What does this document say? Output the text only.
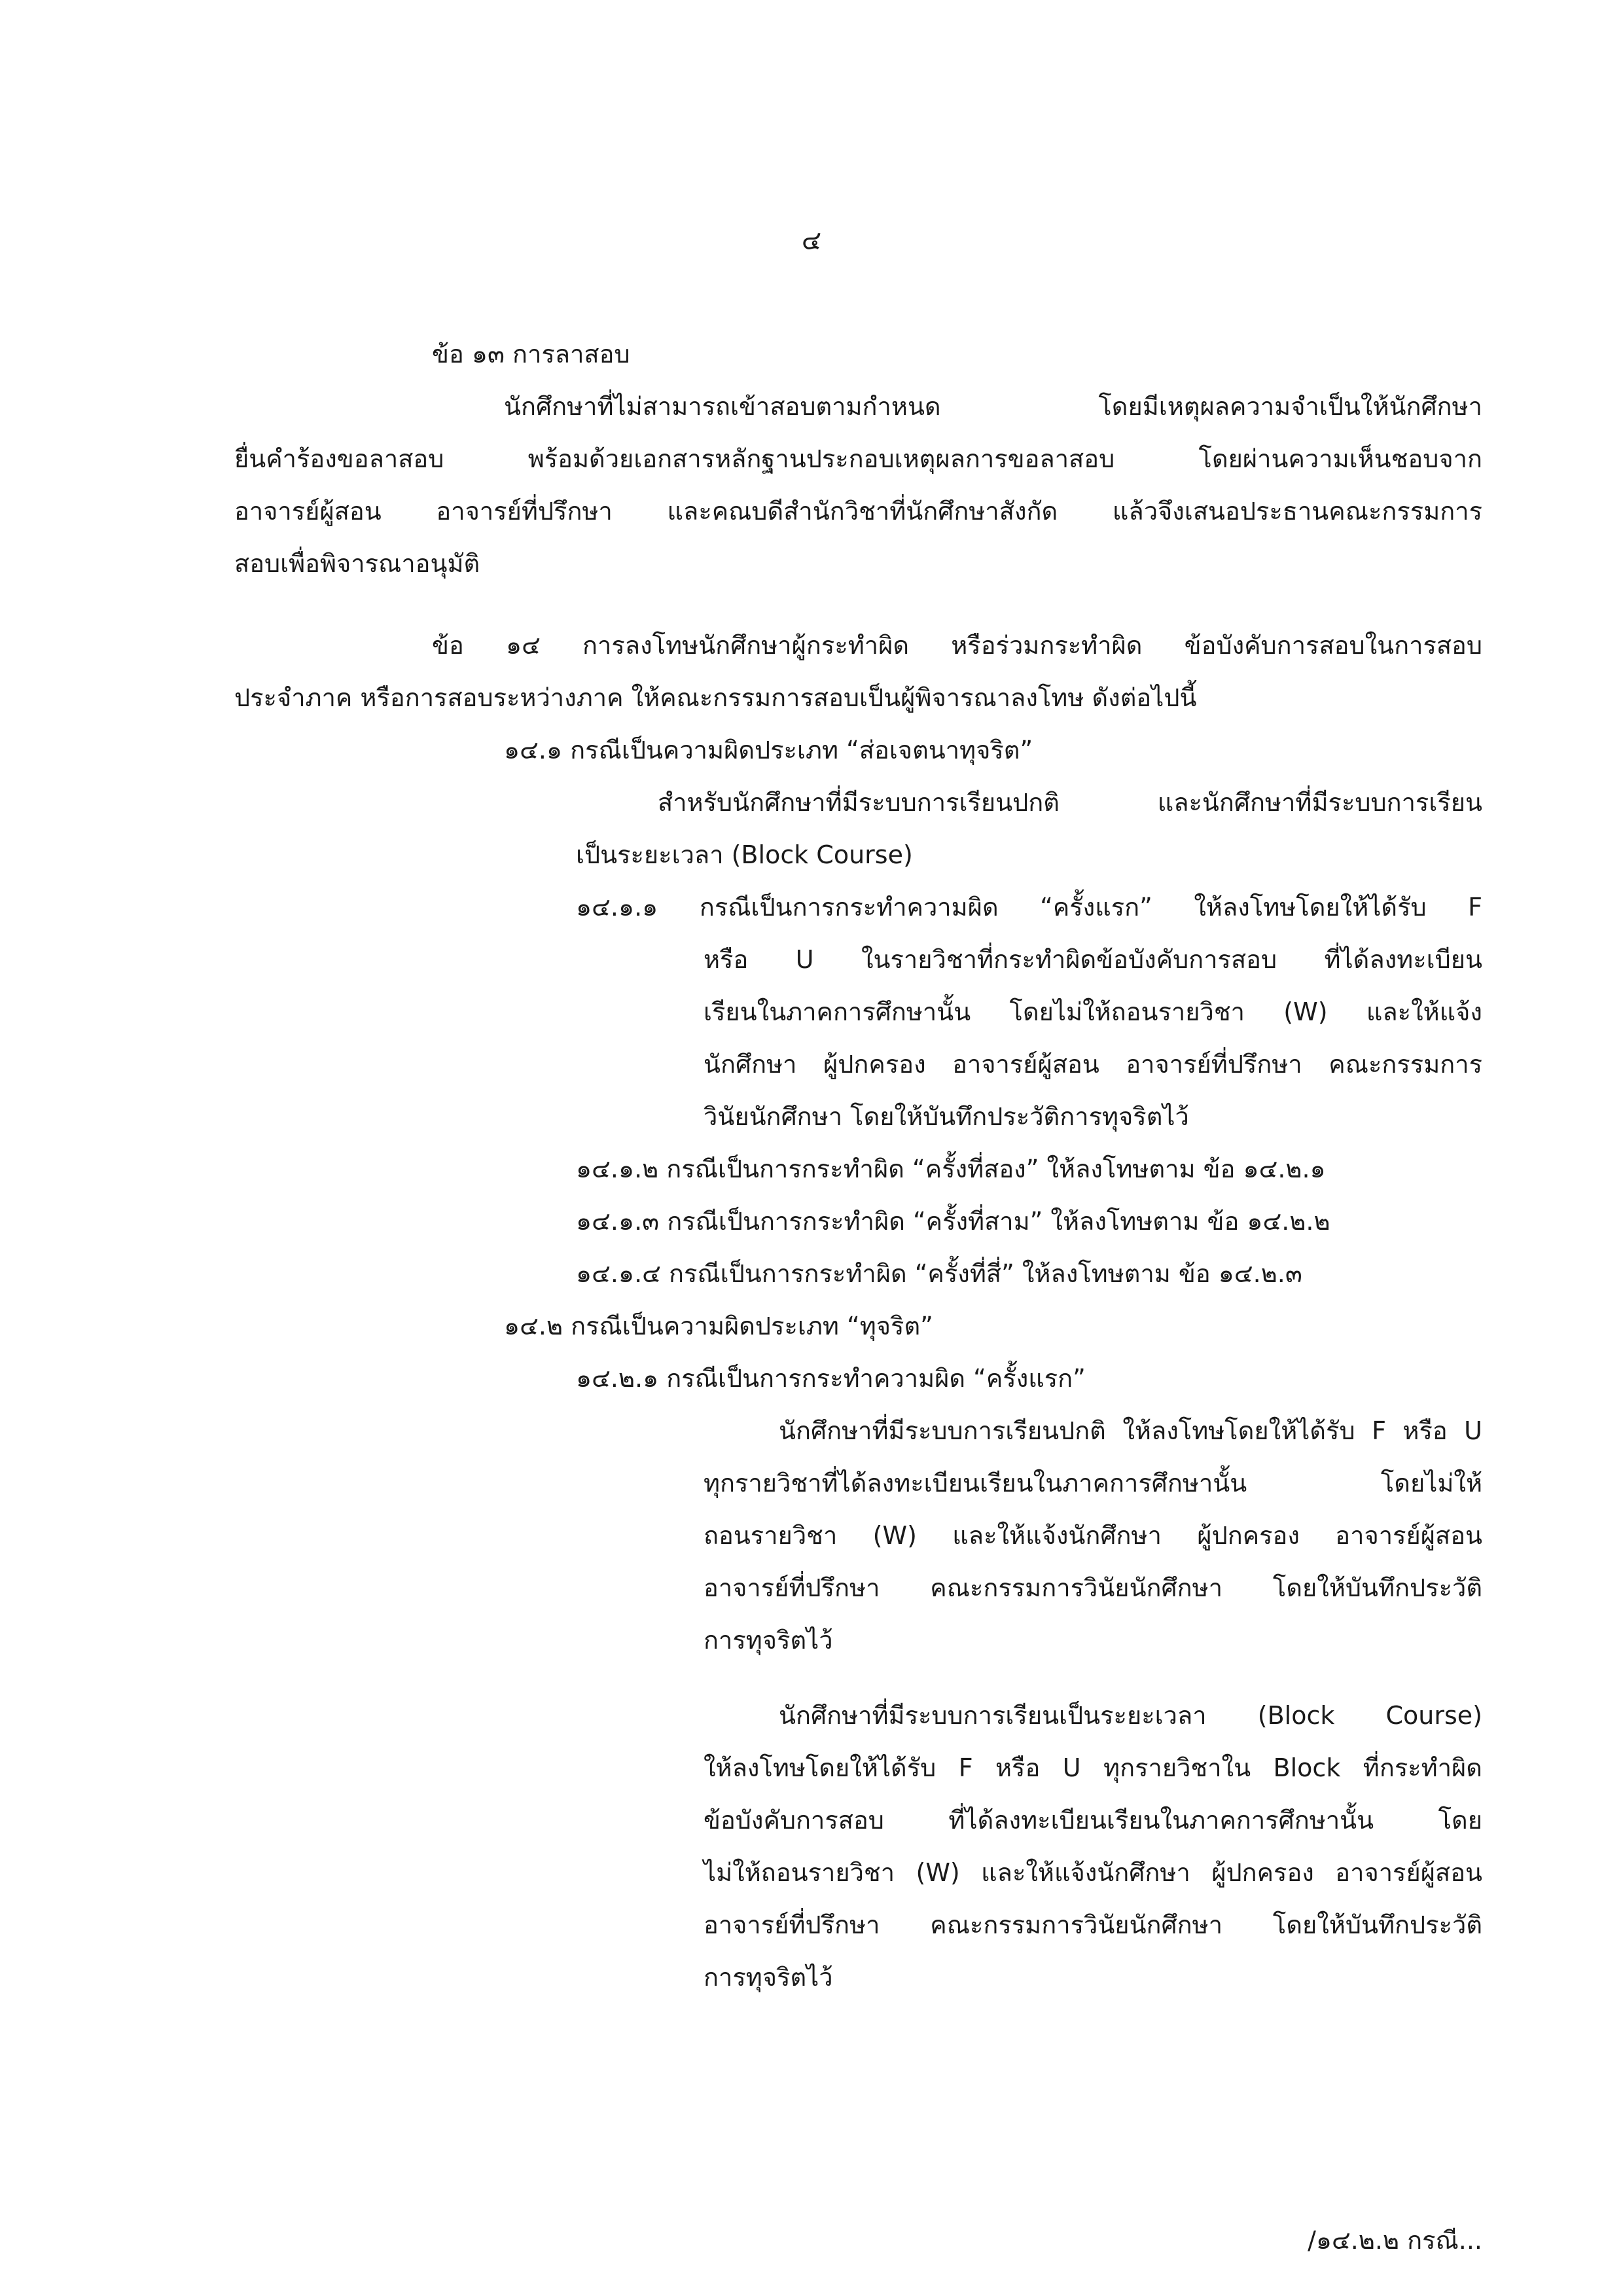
๔
ข้อ ๑๓ การลาสอบ
นักศึกษาที่ไม่สามารถเข้าสอบตามกำหนด โดยมีเหตุผลความจำเป็นให้นักศึกษา
ยื่นคำร้องขอลาสอบ พร้อมด้วยเอกสารหลักฐานประกอบเหตุผลการขอลาสอบ โดยผ่านความเห็นชอบจาก
อาจารย์ผู้สอน อาจารย์ที่ปรึกษา และคณบดีสำนักวิชาที่นักศึกษาสังกัด แล้วจึงเสนอประธานคณะกรรมการ
สอบเพื่อพิจารณาอนุมัติ
ข้อ ๑๔ การลงโทษนักศึกษาผู้กระทำผิด หรือร่วมกระทำผิด ข้อบังคับการสอบในการสอบ
ประจำภาค หรือการสอบระหว่างภาค ให้คณะกรรมการสอบเป็นผู้พิจารณาลงโทษ ดังต่อไปนี้
๑๔.๑ กรณีเป็นความผิดประเภท “ส่อเจตนาทุจริต”
สำหรับนักศึกษาที่มีระบบการเรียนปกติ และนักศึกษาที่มีระบบการเรียน
เป็นระยะเวลา (Block Course)
๑๔.๑.๑ กรณีเป็นการกระทำความผิด “ครั้งแรก” ให้ลงโทษโดยให้ได้รับ F
หรือ U ในรายวิชาที่กระทำผิดข้อบังคับการสอบ ที่ได้ลงทะเบียน
เรียนในภาคการศึกษานั้น โดยไม่ให้ถอนรายวิชา (W) และให้แจ้ง
นักศึกษา ผู้ปกครอง อาจารย์ผู้สอน อาจารย์ที่ปรึกษา คณะกรรมการ
วินัยนักศึกษา โดยให้บันทึกประวัติการทุจริตไว้
๑๔.๑.๒ กรณีเป็นการกระทำผิด “ครั้งที่สอง” ให้ลงโทษตาม ข้อ ๑๔.๒.๑
๑๔.๑.๓ กรณีเป็นการกระทำผิด “ครั้งที่สาม” ให้ลงโทษตาม ข้อ ๑๔.๒.๒
๑๔.๑.๔ กรณีเป็นการกระทำผิด “ครั้งที่สี่” ให้ลงโทษตาม ข้อ ๑๔.๒.๓
๑๔.๒ กรณีเป็นความผิดประเภท “ทุจริต”
๑๔.๒.๑ กรณีเป็นการกระทำความผิด “ครั้งแรก”
นักศึกษาที่มีระบบการเรียนปกติ ให้ลงโทษโดยให้ได้รับ F หรือ U
ทุกรายวิชาที่ได้ลงทะเบียนเรียนในภาคการศึกษานั้น โดยไม่ให้
ถอนรายวิชา (W) และให้แจ้งนักศึกษา ผู้ปกครอง อาจารย์ผู้สอน
อาจารย์ที่ปรึกษา คณะกรรมการวินัยนักศึกษา โดยให้บันทึกประวัติ
การทุจริตไว้
นักศึกษาที่มีระบบการเรียนเป็นระยะเวลา (Block Course)
ให้ลงโทษโดยให้ได้รับ F หรือ U ทุกรายวิชาใน Block ที่กระทำผิด
ข้อบังคับการสอบ ที่ได้ลงทะเบียนเรียนในภาคการศึกษานั้น โดย
ไม่ให้ถอนรายวิชา (W) และให้แจ้งนักศึกษา ผู้ปกครอง อาจารย์ผู้สอน
อาจารย์ที่ปรึกษา คณะกรรมการวินัยนักศึกษา โดยให้บันทึกประวัติ
การทุจริตไว้
/๑๔.๒.๒ กรณี...
